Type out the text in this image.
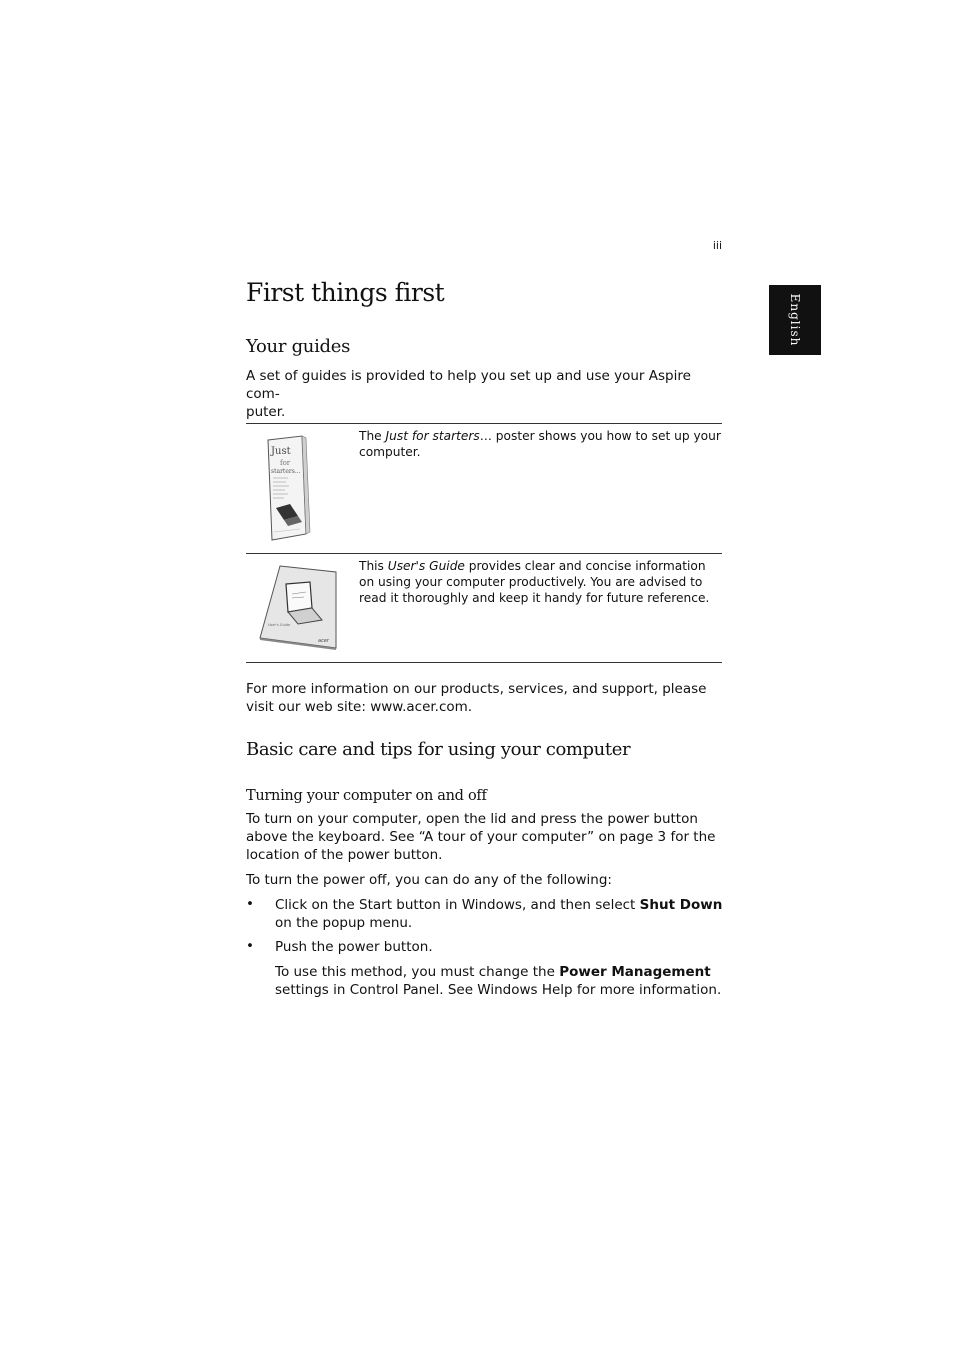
iii
English
First things first
Your guides
A set of guides is provided to help you set up and use your Aspire com-
puter.
Just
for
starters...
The Just for starters… poster shows you how to set up your computer.
User's Guide
acer
This User's Guide provides clear and concise information on using your computer productively. You are advised to read it thoroughly and keep it handy for future reference.
For more information on our products, services, and support, please visit our web site: www.acer.com.
Basic care and tips for using your computer
Turning your computer on and off
To turn on your computer, open the lid and press the power button above the keyboard. See “A tour of your computer” on page 3 for the location of the power button.
To turn the power off, you can do any of the following:
• Click on the Start button in Windows, and then select Shut Down on the popup menu.
• Push the power button.
To use this method, you must change the Power Management settings in Control Panel. See Windows Help for more information.
